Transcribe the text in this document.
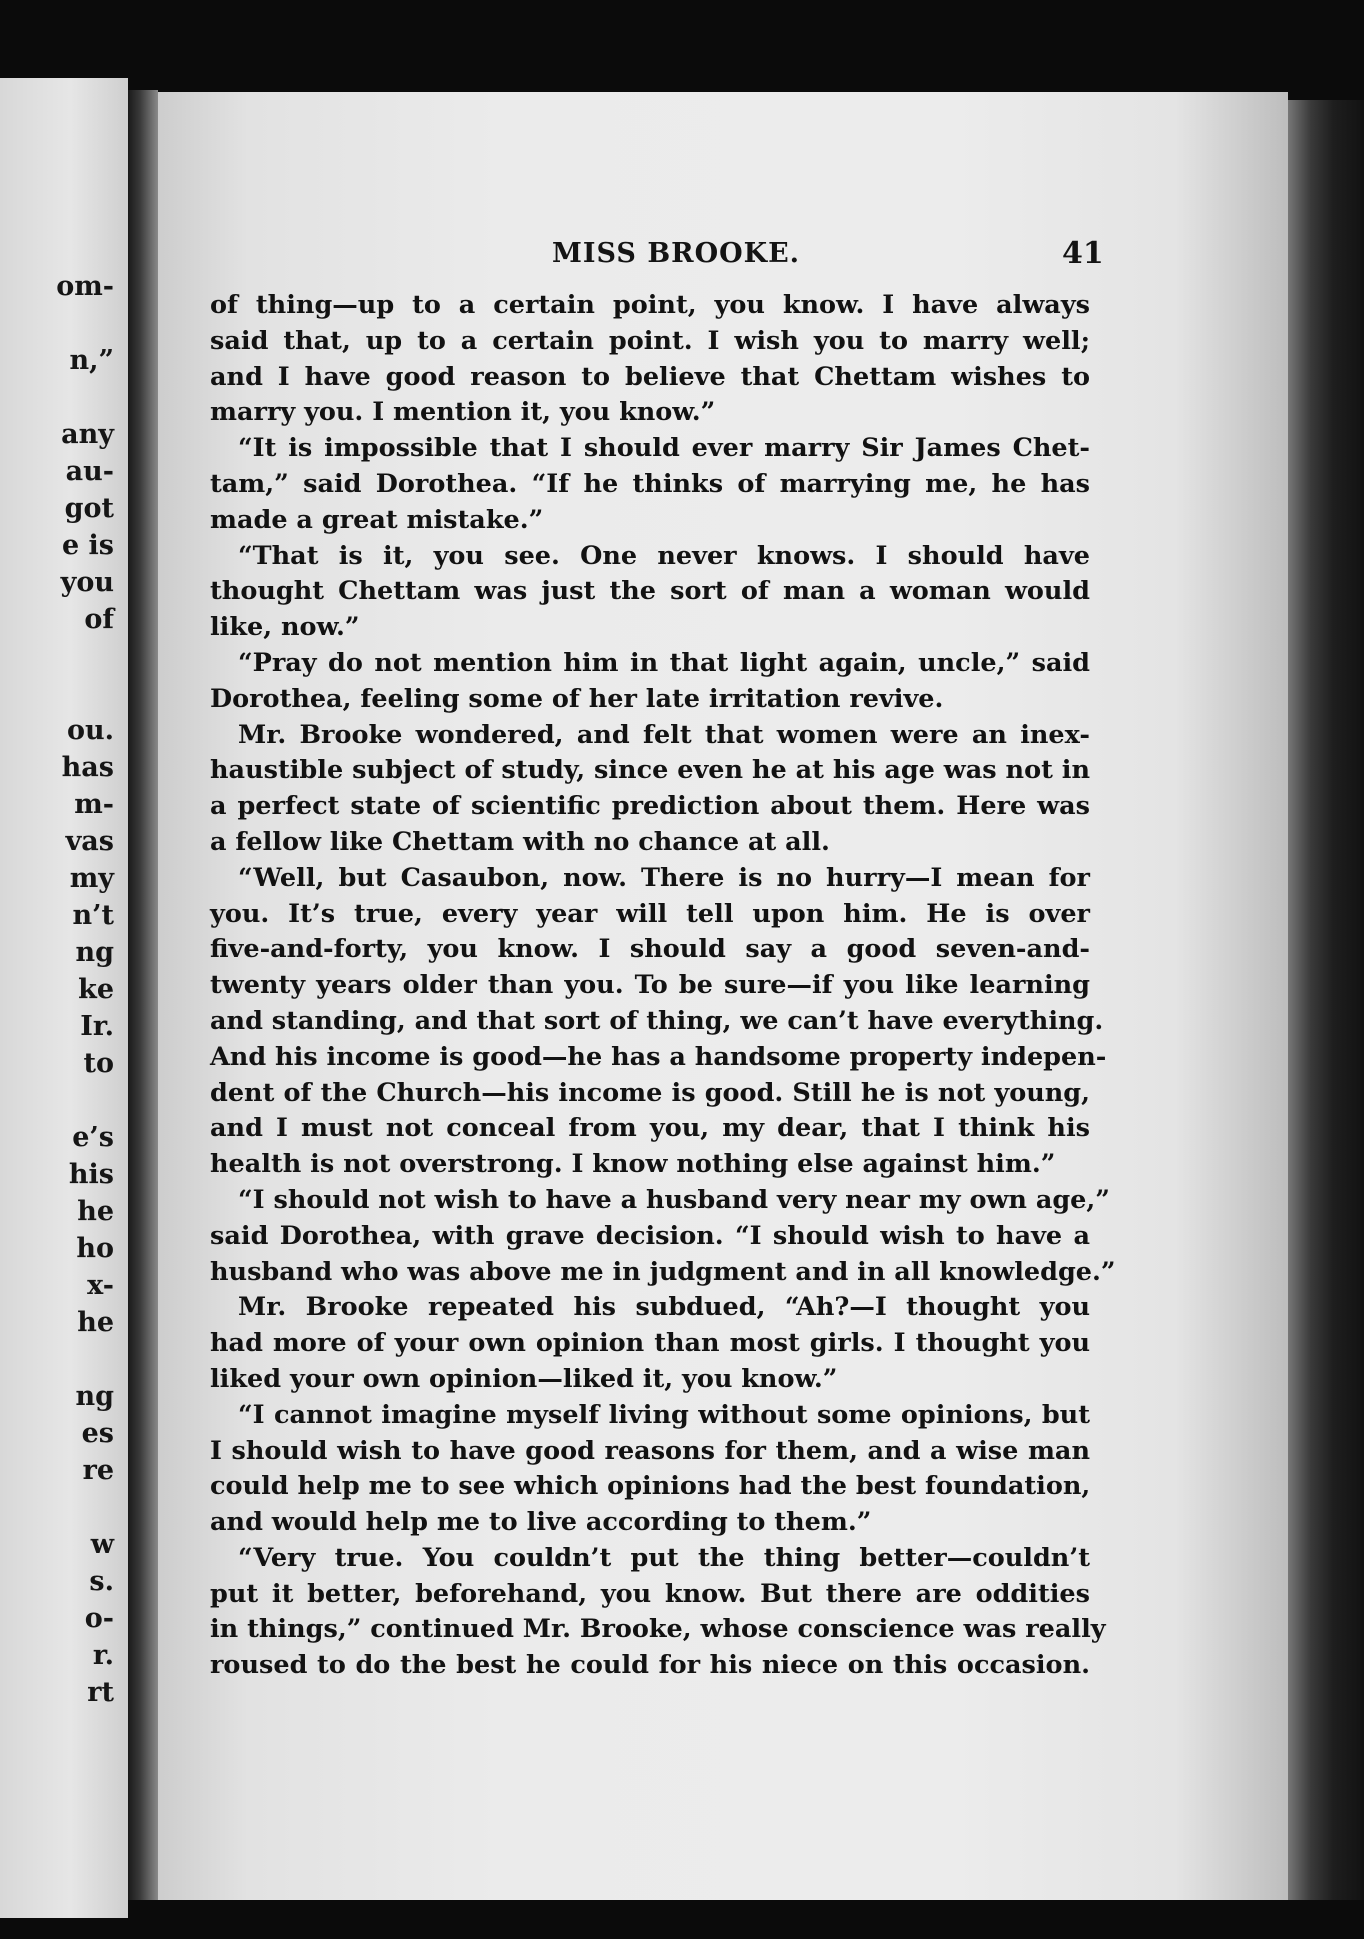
om-
n,”
any
au-
got
e is
you
of
ou.
has
m-
vas
my
n’t
ng
ke
Ir.
to
e’s
his
he
ho
x-
he
ng
es
re
w
s.
o-
r.
rt
MISS BROOKE.	41
of thing—up to a certain point, you know. I have always
said that, up to a certain point. I wish you to marry well;
and I have good reason to believe that Chettam wishes to
marry you. I mention it, you know.”
“It is impossible that I should ever marry Sir James Chet-
tam,” said Dorothea. “If he thinks of marrying me, he has
made a great mistake.”
“That is it, you see. One never knows. I should have
thought Chettam was just the sort of man a woman would
like, now.”
“Pray do not mention him in that light again, uncle,” said
Dorothea, feeling some of her late irritation revive.
Mr. Brooke wondered, and felt that women were an inex-
haustible subject of study, since even he at his age was not in
a perfect state of scientific prediction about them. Here was
a fellow like Chettam with no chance at all.
“Well, but Casaubon, now. There is no hurry—I mean for
you. It’s true, every year will tell upon him. He is over
five-and-forty, you know. I should say a good seven-and-
twenty years older than you. To be sure—if you like learning
and standing, and that sort of thing, we can’t have everything.
And his income is good—he has a handsome property indepen-
dent of the Church—his income is good. Still he is not young,
and I must not conceal from you, my dear, that I think his
health is not overstrong. I know nothing else against him.”
“I should not wish to have a husband very near my own age,”
said Dorothea, with grave decision. “I should wish to have a
husband who was above me in judgment and in all knowledge.”
Mr. Brooke repeated his subdued, “Ah?—I thought you
had more of your own opinion than most girls. I thought you
liked your own opinion—liked it, you know.”
“I cannot imagine myself living without some opinions, but
I should wish to have good reasons for them, and a wise man
could help me to see which opinions had the best foundation,
and would help me to live according to them.”
“Very true. You couldn’t put the thing better—couldn’t
put it better, beforehand, you know. But there are oddities
in things,” continued Mr. Brooke, whose conscience was really
roused to do the best he could for his niece on this occasion.
